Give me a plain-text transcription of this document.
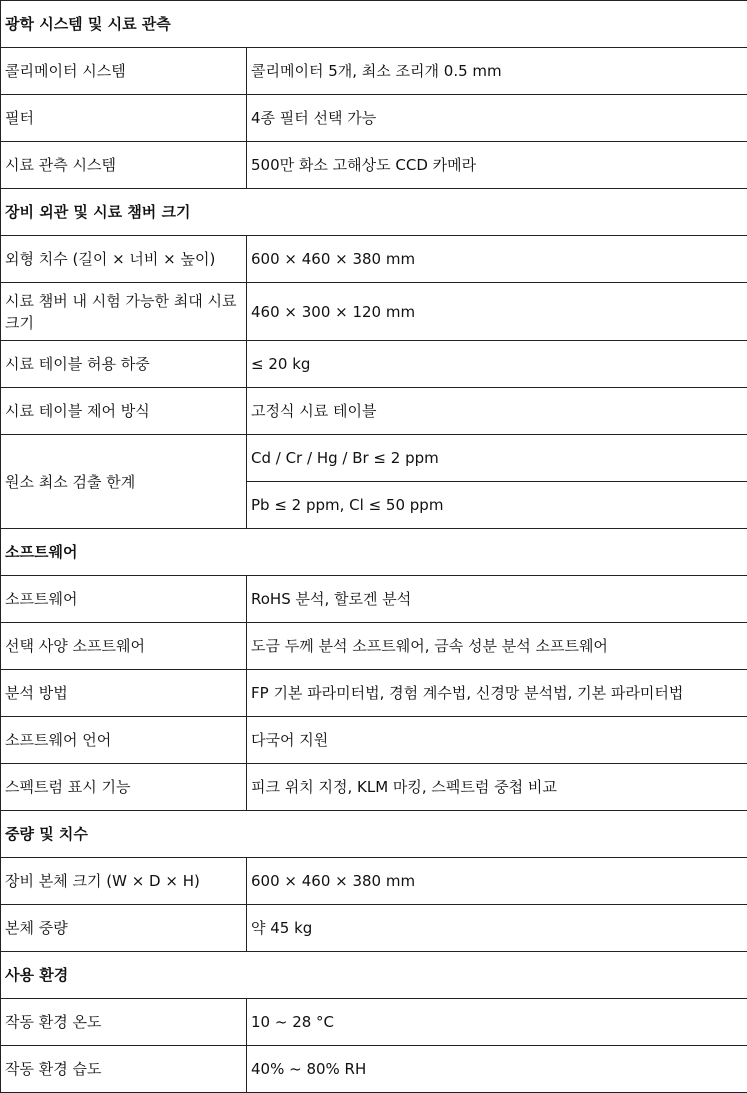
광학 시스템 및 시료 관측	
콜리메이터 시스템	콜리메이터 5개, 최소 조리개 0.5 mm
필터	4종 필터 선택 가능
시료 관측 시스템	500만 화소 고해상도 CCD 카메라
장비 외관 및 시료 챔버 크기	
외형 치수 (길이 × 너비 × 높이)	600 × 460 × 380 mm
시료 챔버 내 시험 가능한 최대 시료 크기	460 × 300 × 120 mm
시료 테이블 허용 하중	≤ 20 kg
시료 테이블 제어 방식	고정식 시료 테이블
원소 최소 검출 한계	Cd / Cr / Hg / Br ≤ 2 ppm
	Pb ≤ 2 ppm, Cl ≤ 50 ppm
소프트웨어	
소프트웨어	RoHS 분석, 할로겐 분석
선택 사양 소프트웨어	도금 두께 분석 소프트웨어, 금속 성분 분석 소프트웨어
분석 방법	FP 기본 파라미터법, 경험 계수법, 신경망 분석법, 기본 파라미터법
소프트웨어 언어	다국어 지원
스펙트럼 표시 기능	피크 위치 지정, KLM 마킹, 스펙트럼 중첩 비교
중량 및 치수	
장비 본체 크기 (W × D × H)	600 × 460 × 380 mm
본체 중량	약 45 kg
사용 환경	
작동 환경 온도	10 ~ 28 °C
작동 환경 습도	40% ~ 80% RH
